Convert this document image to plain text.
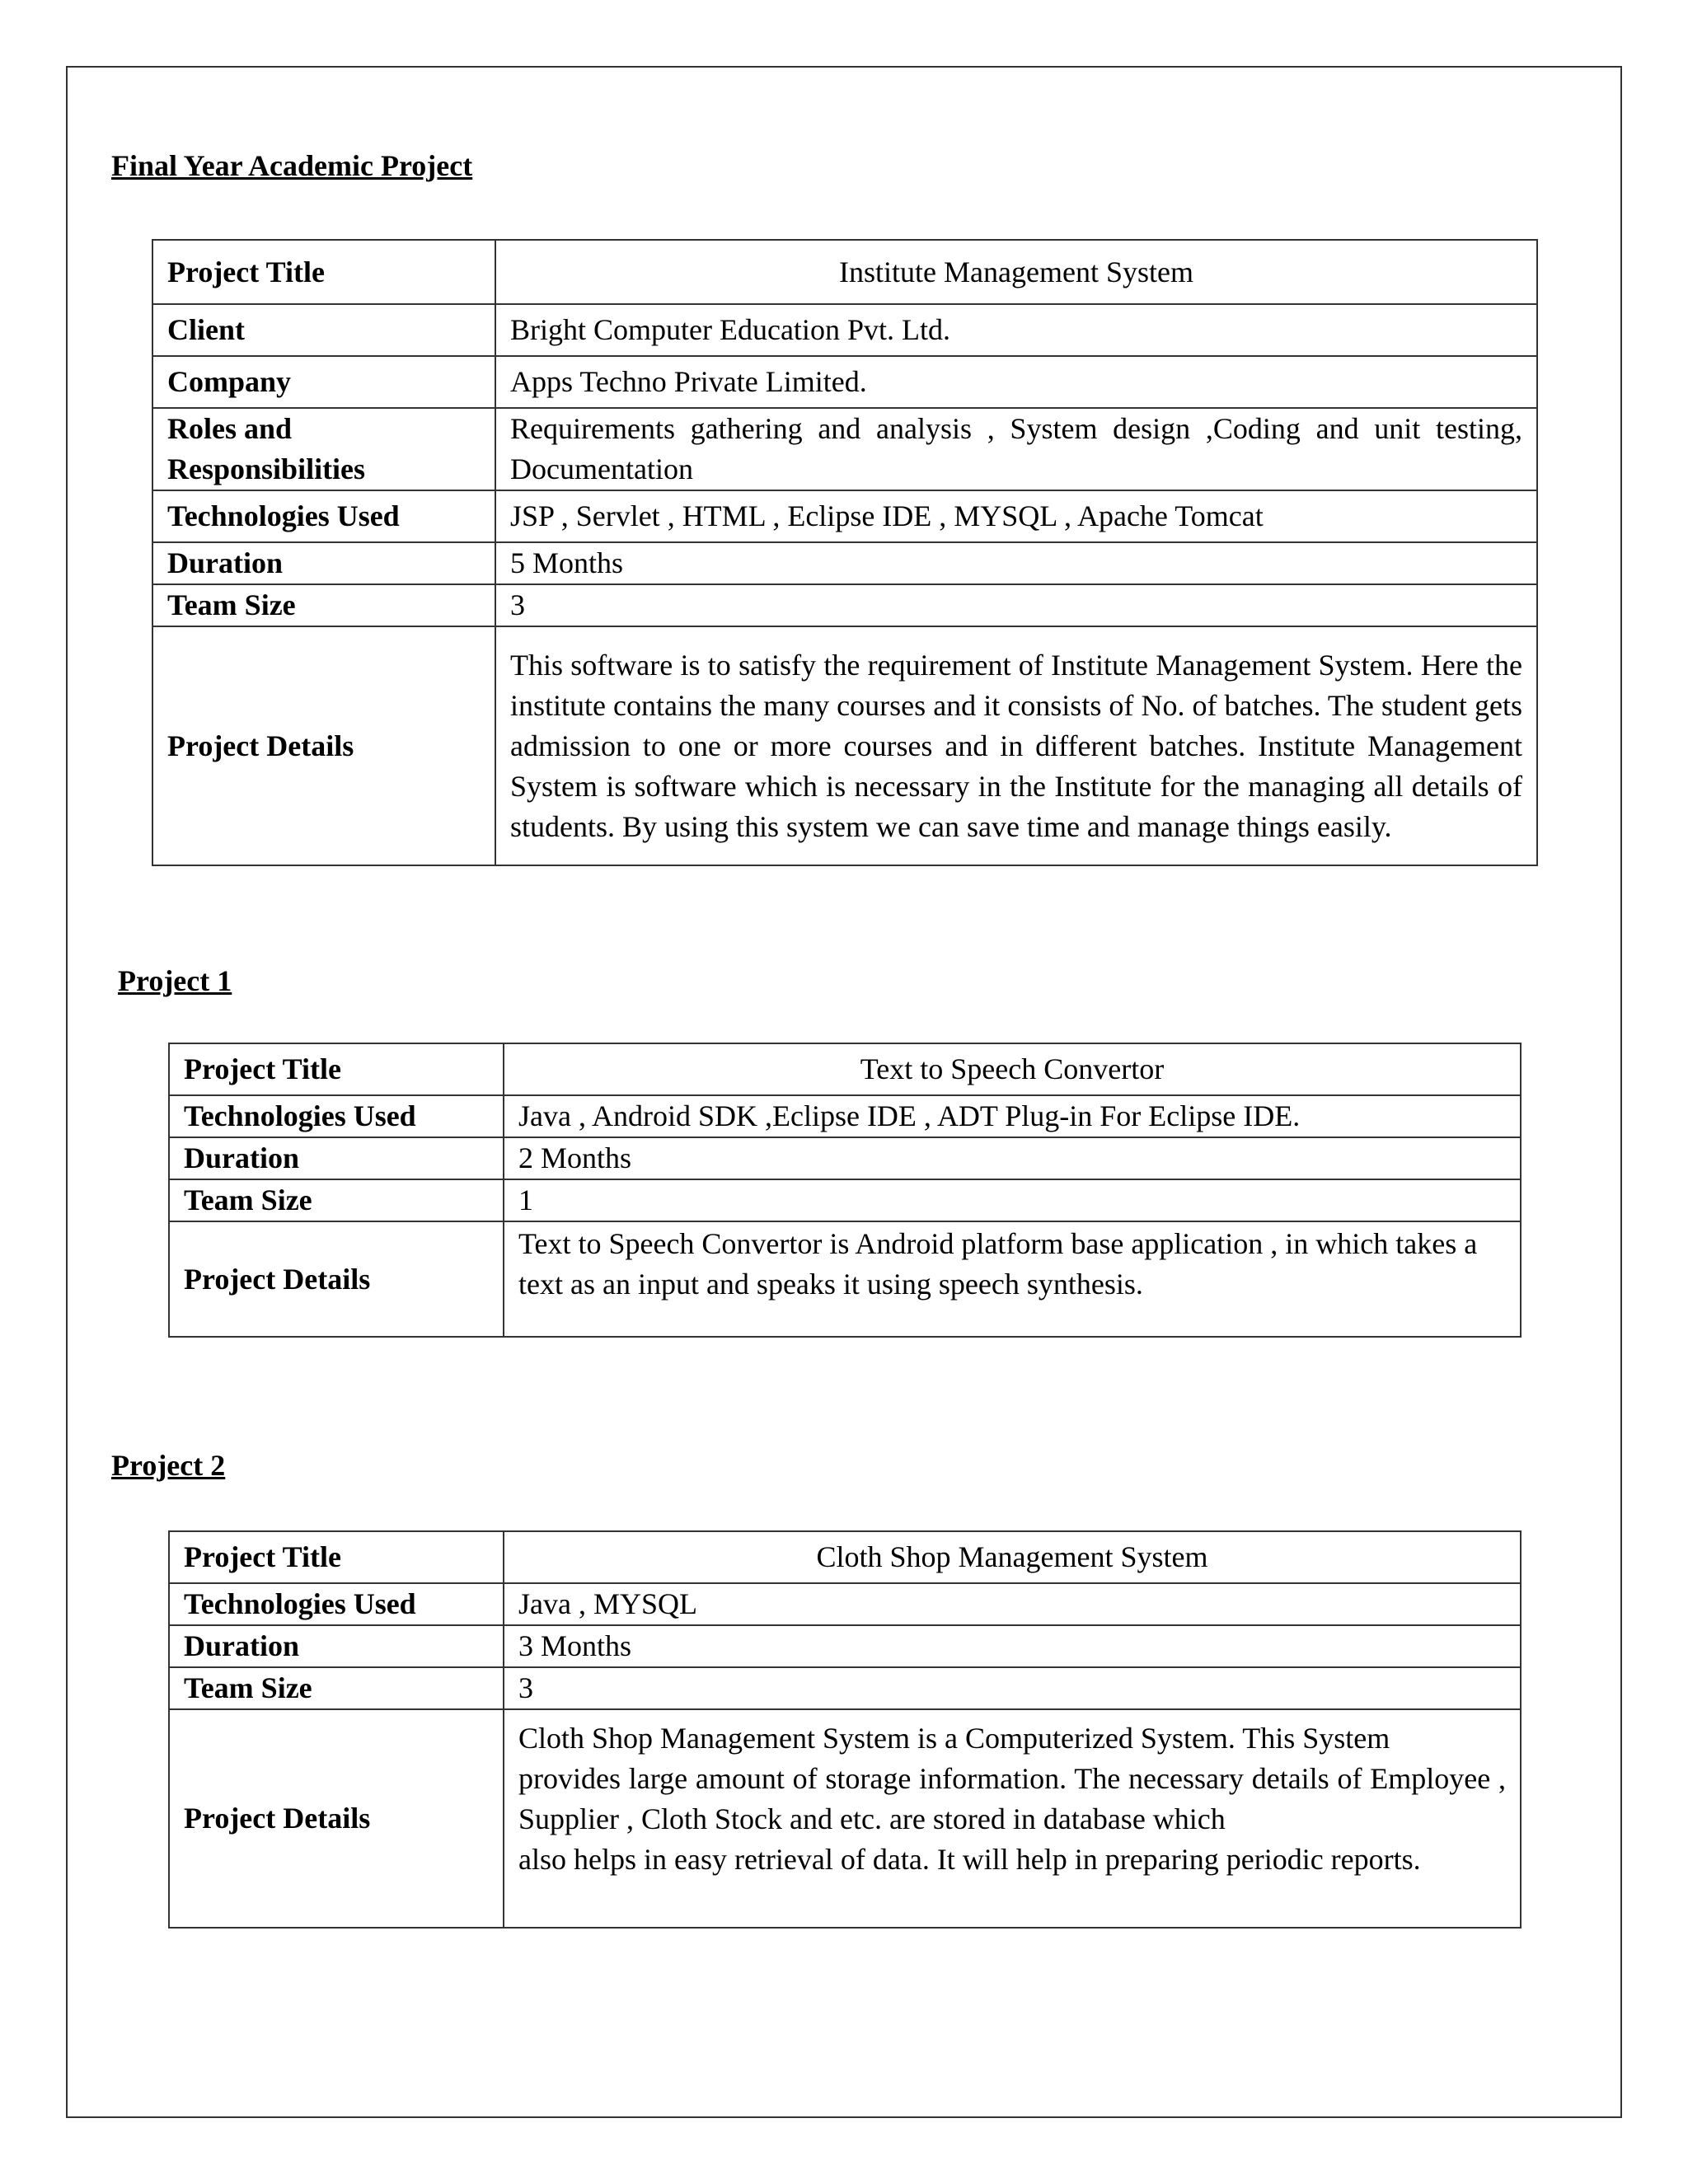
Final Year Academic Project
Project Title	Institute Management System
Client	Bright Computer Education Pvt. Ltd.
Company	Apps Techno Private Limited.
Roles and Responsibilities	Requirements gathering and analysis , System design ,Coding and unit testing, Documentation
Technologies Used	JSP , Servlet , HTML , Eclipse IDE , MYSQL , Apache Tomcat
Duration	5 Months
Team Size	3
Project Details	This software is to satisfy the requirement of Institute Management System. Here the institute contains the many courses and it consists of No. of batches. The student gets admission to one or more courses and in different batches. Institute Management System is software which is necessary in the Institute for the managing all details of students. By using this system we can save time and manage things easily.
Project 1
Project Title	Text to Speech Convertor
Technologies Used	Java , Android SDK ,Eclipse IDE , ADT Plug-in For Eclipse IDE.
Duration	2 Months
Team Size	1
Project Details	Text to Speech Convertor is Android platform base application , in which takes a text as an input and speaks it using speech synthesis.
Project 2
Project Title	Cloth Shop Management System
Technologies Used	Java , MYSQL
Duration	3 Months
Team Size	3
Project Details	Cloth Shop Management System is a Computerized System. This System
provides large amount of storage information. The necessary details of Employee , Supplier , Cloth Stock and etc. are stored in database which
also helps in easy retrieval of data. It will help in preparing periodic reports.
